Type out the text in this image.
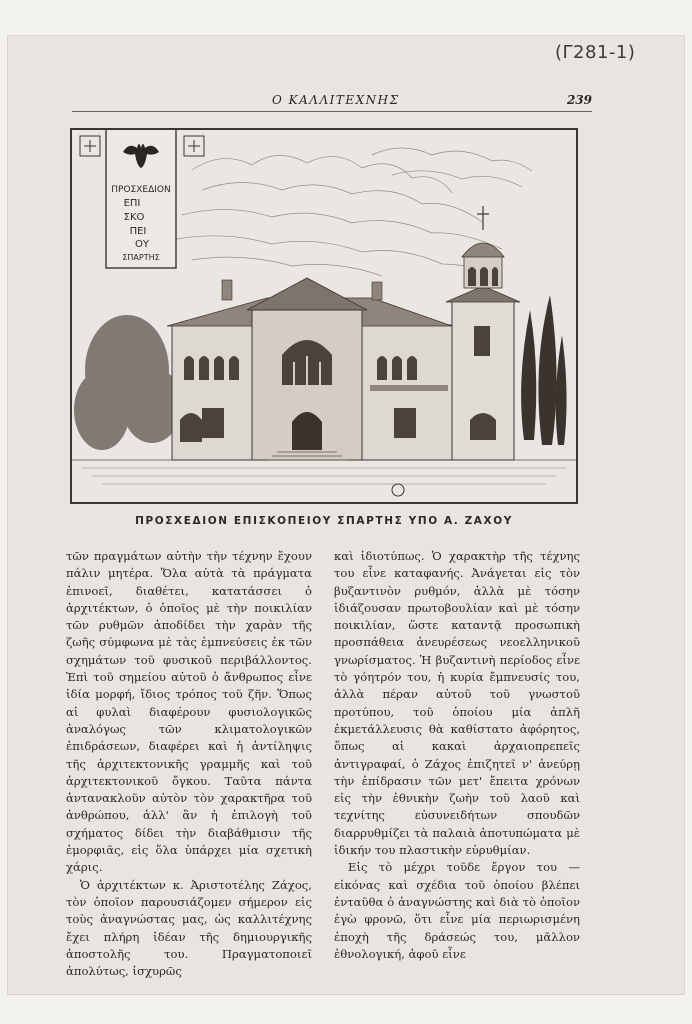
(Γ281-1)
Ο ΚΑΛΛΙΤΕΧΝΗΣ	239
ΠΡΟΣΧΕΔΙΟΝ
ΕΠΙ
ΣΚΟ
ΠΕΙ
ΟΥ
ΣΠΑΡΤΗΣ
ΠΡΟΣΧΕΔΙΟΝ ΕΠΙΣΚΟΠΕΙΟΥ ΣΠΑΡΤΗΣ ΥΠΟ Α. ΖΑΧΟΥ

τῶν πραγμάτων αὐτὴν τὴν τέχνην ἔχουν πάλιν μητέρα. Ὅλα αὐτὰ τὰ πράγματα ἐπινοεῖ, διαθέτει, κατατάσσει ὁ ἀρχιτέκτων, ὁ ὁποῖος μὲ τὴν ποικιλίαν τῶν ρυθμῶν ἀποδίδει τὴν χαρὰν τῆς ζωῆς σύμφωνα μὲ τὰς ἐμπνεύσεις ἐκ τῶν σχημάτων τοῦ φυσικοῦ περιβάλλοντος. Ἐπὶ τοῦ σημείου αὐτοῦ ὁ ἄνθρωπος εἶνε ἰδία μορφή, ἴδιος τρόπος τοῦ ζῆν. Ὅπως αἱ φυλαὶ διαφέρουν φυσιολογικῶς ἀναλόγως τῶν κλιματολογικῶν ἐπιδράσεων, διαφέρει καὶ ἡ ἀντίληψις τῆς ἀρχιτεκτονικῆς γραμμῆς καὶ τοῦ ἀρχιτεκτονικοῦ ὄγκου. Ταῦτα πάντα ἀντανακλοῦν αὐτὸν τὸν χαρακτῆρα τοῦ ἀνθρώπου, ἀλλ' ἂν ἡ ἐπιλογὴ τοῦ σχήματος δίδει τὴν διαβάθμισιν τῆς ἐμορφιᾶς, εἰς ὅλα ὑπάρχει μία σχετικὴ χάρις.

Ὁ ἀρχιτέκτων κ. Ἀριστοτέλης Ζάχος, τὸν ὁποῖον παρουσιάζομεν σήμερον εἰς τοὺς ἀναγνώστας μας, ὡς καλλιτέχνης ἔχει πλήρη ἰδέαν τῆς δημιουργικῆς ἀποστολῆς του. Πραγματοποιεῖ ἀπολύτως, ἰσχυρῶς

καὶ ἰδιοτύπως. Ὁ χαρακτὴρ τῆς τέχνης του εἶνε καταφανής. Ἀνάγεται εἰς τὸν βυζαντινὸν ρυθμόν, ἀλλὰ μὲ τόσην ἰδιάζουσαν πρωτοβουλίαν καὶ μὲ τόσην ποικιλίαν, ὥστε καταντᾷ προσωπικὴ προσπάθεια ἀνευρέσεως νεοελληνικοῦ γνωρίσματος. Ἡ βυζαντινὴ περίοδος εἶνε τὸ γόητρόν του, ἡ κυρία ἔμπνευσίς του, ἀλλὰ πέραν αὐτοῦ τοῦ γνωστοῦ προτύπου, τοῦ ὁποίου μία ἁπλῆ ἐκμετάλλευσις θὰ καθίστατο ἀφόρητος, ὅπως αἱ κακαὶ ἀρχαιοπρεπεῖς ἀντιγραφαί, ὁ Ζάχος ἐπιζητεῖ ν' ἀνεύρῃ τὴν ἐπίδρασιν τῶν μετ' ἔπειτα χρόνων εἰς τὴν ἐθνικὴν ζωὴν τοῦ λαοῦ καὶ τεχνίτης εὐσυνειδήτων σπουδῶν διαρρυθμίζει τὰ παλαιὰ ἀποτυπώματα μὲ ἰδικήν του πλαστικὴν εὐρυθμίαν.

Εἰς τὸ μέχρι τοῦδε ἔργον του — εἰκόνας καὶ σχέδια τοῦ ὁποίου βλέπει ἐνταῦθα ὁ ἀναγνώστης καὶ διὰ τὸ ὁποῖον ἐγὼ φρονῶ, ὅτι εἶνε μία περιωρισμένη ἐποχὴ τῆς δράσεώς του, μᾶλλον ἐθνολογική, ἀφοῦ εἶνε
